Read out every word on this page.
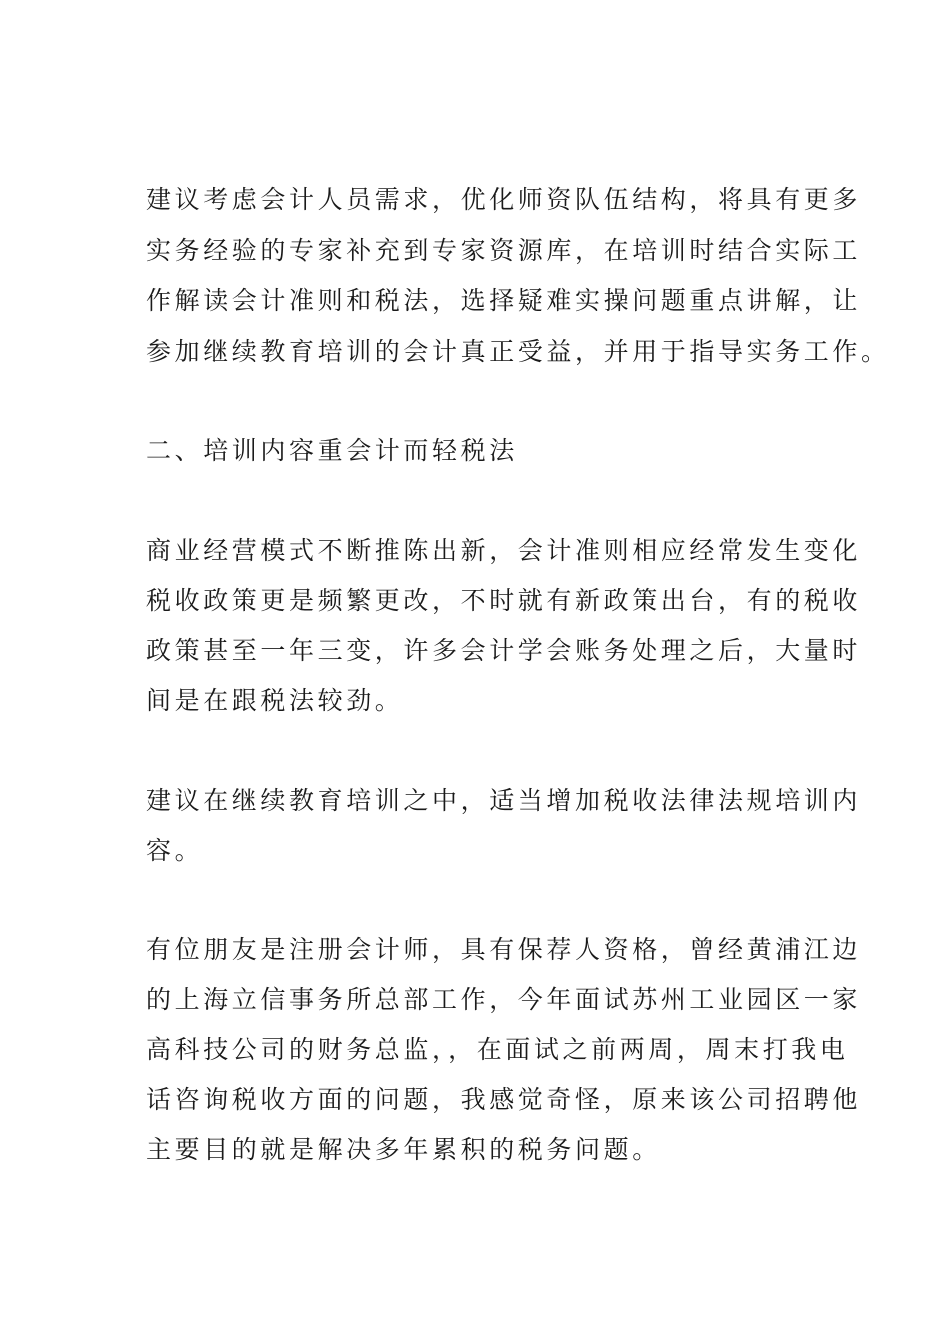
建议考虑会计人员需求，优化师资队伍结构，将具有更多
实务经验的专家补充到专家资源库，在培训时结合实际工
作解读会计准则和税法，选择疑难实操问题重点讲解，让
参加继续教育培训的会计真正受益，并用于指导实务工作。
二、培训内容重会计而轻税法
商业经营模式不断推陈出新，会计准则相应经常发生变化
税收政策更是频繁更改，不时就有新政策出台，有的税收
政策甚至一年三变，许多会计学会账务处理之后，大量时
间是在跟税法较劲。
建议在继续教育培训之中，适当增加税收法律法规培训内
容。
有位朋友是注册会计师，具有保荐人资格，曾经黄浦江边
的上海立信事务所总部工作，今年面试苏州工业园区一家
高科技公司的财务总监，，在面试之前两周，周末打我电
话咨询税收方面的问题，我感觉奇怪，原来该公司招聘他
主要目的就是解决多年累积的税务问题。
